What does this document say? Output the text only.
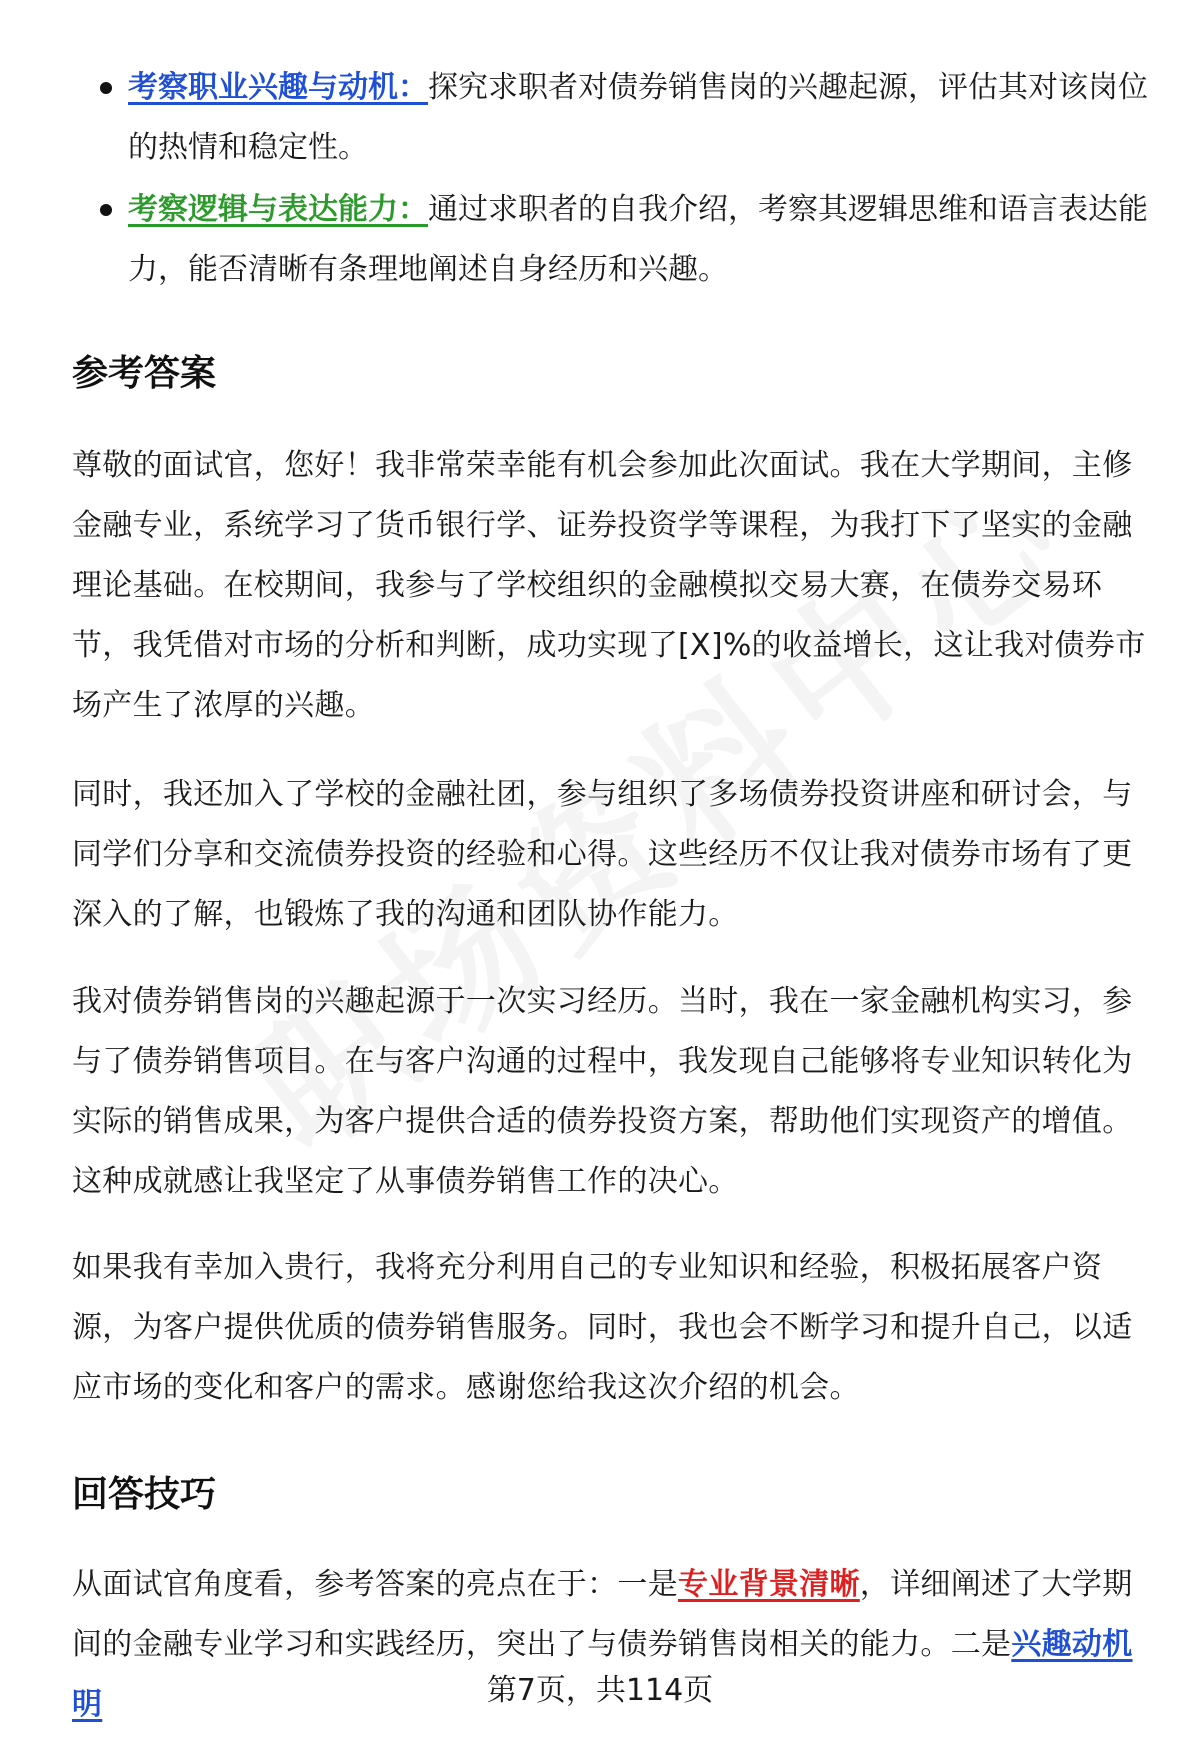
考察职业兴趣与动机：探究求职者对债券销售岗的兴趣起源，评估其对该岗位的热情和稳定性。
考察逻辑与表达能力：通过求职者的自我介绍，考察其逻辑思维和语言表达能力，能否清晰有条理地阐述自身经历和兴趣。
参考答案

尊敬的面试官，您好！我非常荣幸能有机会参加此次面试。我在大学期间，主修金融专业，系统学习了货币银行学、证券投资学等课程，为我打下了坚实的金融理论基础。在校期间，我参与了学校组织的金融模拟交易大赛，在债券交易环节，我凭借对市场的分析和判断，成功实现了[X]%的收益增长，这让我对债券市场产生了浓厚的兴趣。

同时，我还加入了学校的金融社团，参与组织了多场债券投资讲座和研讨会，与同学们分享和交流债券投资的经验和心得。这些经历不仅让我对债券市场有了更深入的了解，也锻炼了我的沟通和团队协作能力。

我对债券销售岗的兴趣起源于一次实习经历。当时，我在一家金融机构实习，参与了债券销售项目。在与客户沟通的过程中，我发现自己能够将专业知识转化为实际的销售成果，为客户提供合适的债券投资方案，帮助他们实现资产的增值。这种成就感让我坚定了从事债券销售工作的决心。

如果我有幸加入贵行，我将充分利用自己的专业知识和经验，积极拓展客户资源，为客户提供优质的债券销售服务。同时，我也会不断学习和提升自己，以适应市场的变化和客户的需求。感谢您给我这次介绍的机会。

回答技巧

从面试官角度看，参考答案的亮点在于：一是专业背景清晰，详细阐述了大学期间的金融专业学习和实践经历，突出了与债券销售岗相关的能力。二是兴趣动机明	第7页，共114页
